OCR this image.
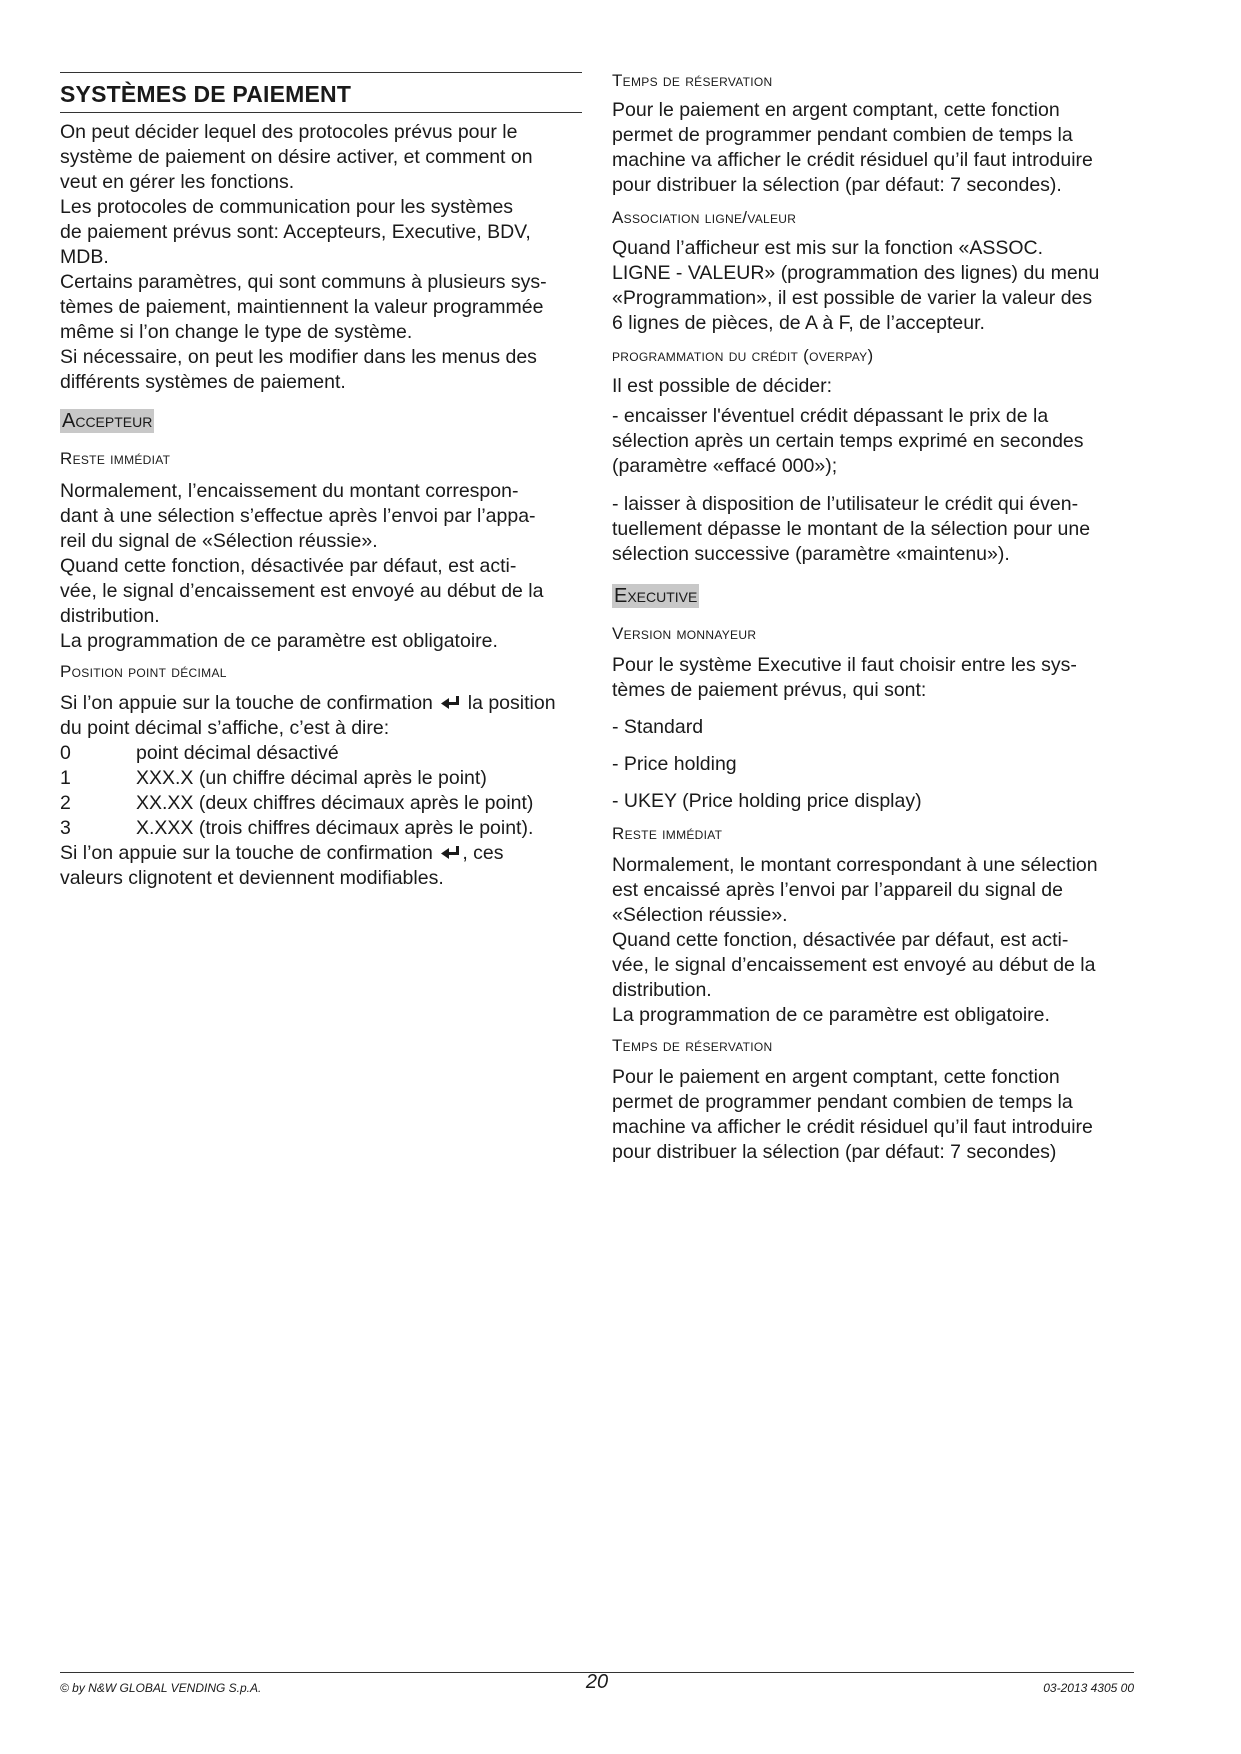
SYSTÈMES DE PAIEMENT

On peut décider lequel des protocoles prévus pour le

système de paiement on désire activer, et comment on

veut en gérer les fonctions.

Les protocoles de communication pour les systèmes

de paiement prévus sont: Accepteurs, Executive, BDV,

MDB.

Certains paramètres, qui sont communs à plusieurs sys-

tèmes de paiement, maintiennent la valeur programmée

même si l’on change le type de système.

Si nécessaire, on peut les modifier dans les menus des

différents systèmes de paiement.

Accepteur
Reste immédiat

Normalement, l’encaissement du montant correspon-

dant à une sélection s’effectue après l’envoi par l’appa-

reil du signal de «Sélection réussie».

Quand cette fonction, désactivée par défaut, est acti-

vée, le signal d’encaissement est envoyé au début de la

distribution.

La programmation de ce paramètre est obligatoire.

Position point décimal

Si l’on appuie sur la touche de confirmation la position

du point décimal s’affiche, c’est à dire:

0	point décimal désactivé
1	XXX.X (un chiffre décimal après le point)
2	XX.XX (deux chiffres décimaux après le point)
3	X.XXX (trois chiffres décimaux après le point).

Si l’on appuie sur la touche de confirmation , ces

valeurs clignotent et deviennent modifiables.

Temps de réservation

Pour le paiement en argent comptant, cette fonction

permet de programmer pendant combien de temps la

machine va afficher le crédit résiduel qu’il faut introduire

pour distribuer la sélection (par défaut: 7 secondes).

Association ligne/valeur

Quand l’afficheur est mis sur la fonction «ASSOC.

LIGNE - VALEUR» (programmation des lignes) du menu

«Programmation», il est possible de varier la valeur des

6 lignes de pièces, de A à F, de l’accepteur.

programmation du crédit (overpay)
Il est possible de décider:

- encaisser l'éventuel crédit dépassant le prix de la

sélection après un certain temps exprimé en secondes

(paramètre «effacé 000»);

- laisser à disposition de l’utilisateur le crédit qui éven-

tuellement dépasse le montant de la sélection pour une

sélection successive (paramètre «maintenu»).

Executive
Version monnayeur

Pour le système Executive il faut choisir entre les sys-

tèmes de paiement prévus, qui sont:

- Standard
- Price holding
- UKEY (Price holding price display)
Reste immédiat

Normalement, le montant correspondant à une sélection

est encaissé après l’envoi par l’appareil du signal de

«Sélection réussie».

Quand cette fonction, désactivée par défaut, est acti-

vée, le signal d’encaissement est envoyé au début de la

distribution.

La programmation de ce paramètre est obligatoire.

Temps de réservation

Pour le paiement en argent comptant, cette fonction

permet de programmer pendant combien de temps la

machine va afficher le crédit résiduel qu’il faut introduire

pour distribuer la sélection (par défaut: 7 secondes)

© by N&W GLOBAL VENDING S.p.A.	20	03-2013 4305 00
